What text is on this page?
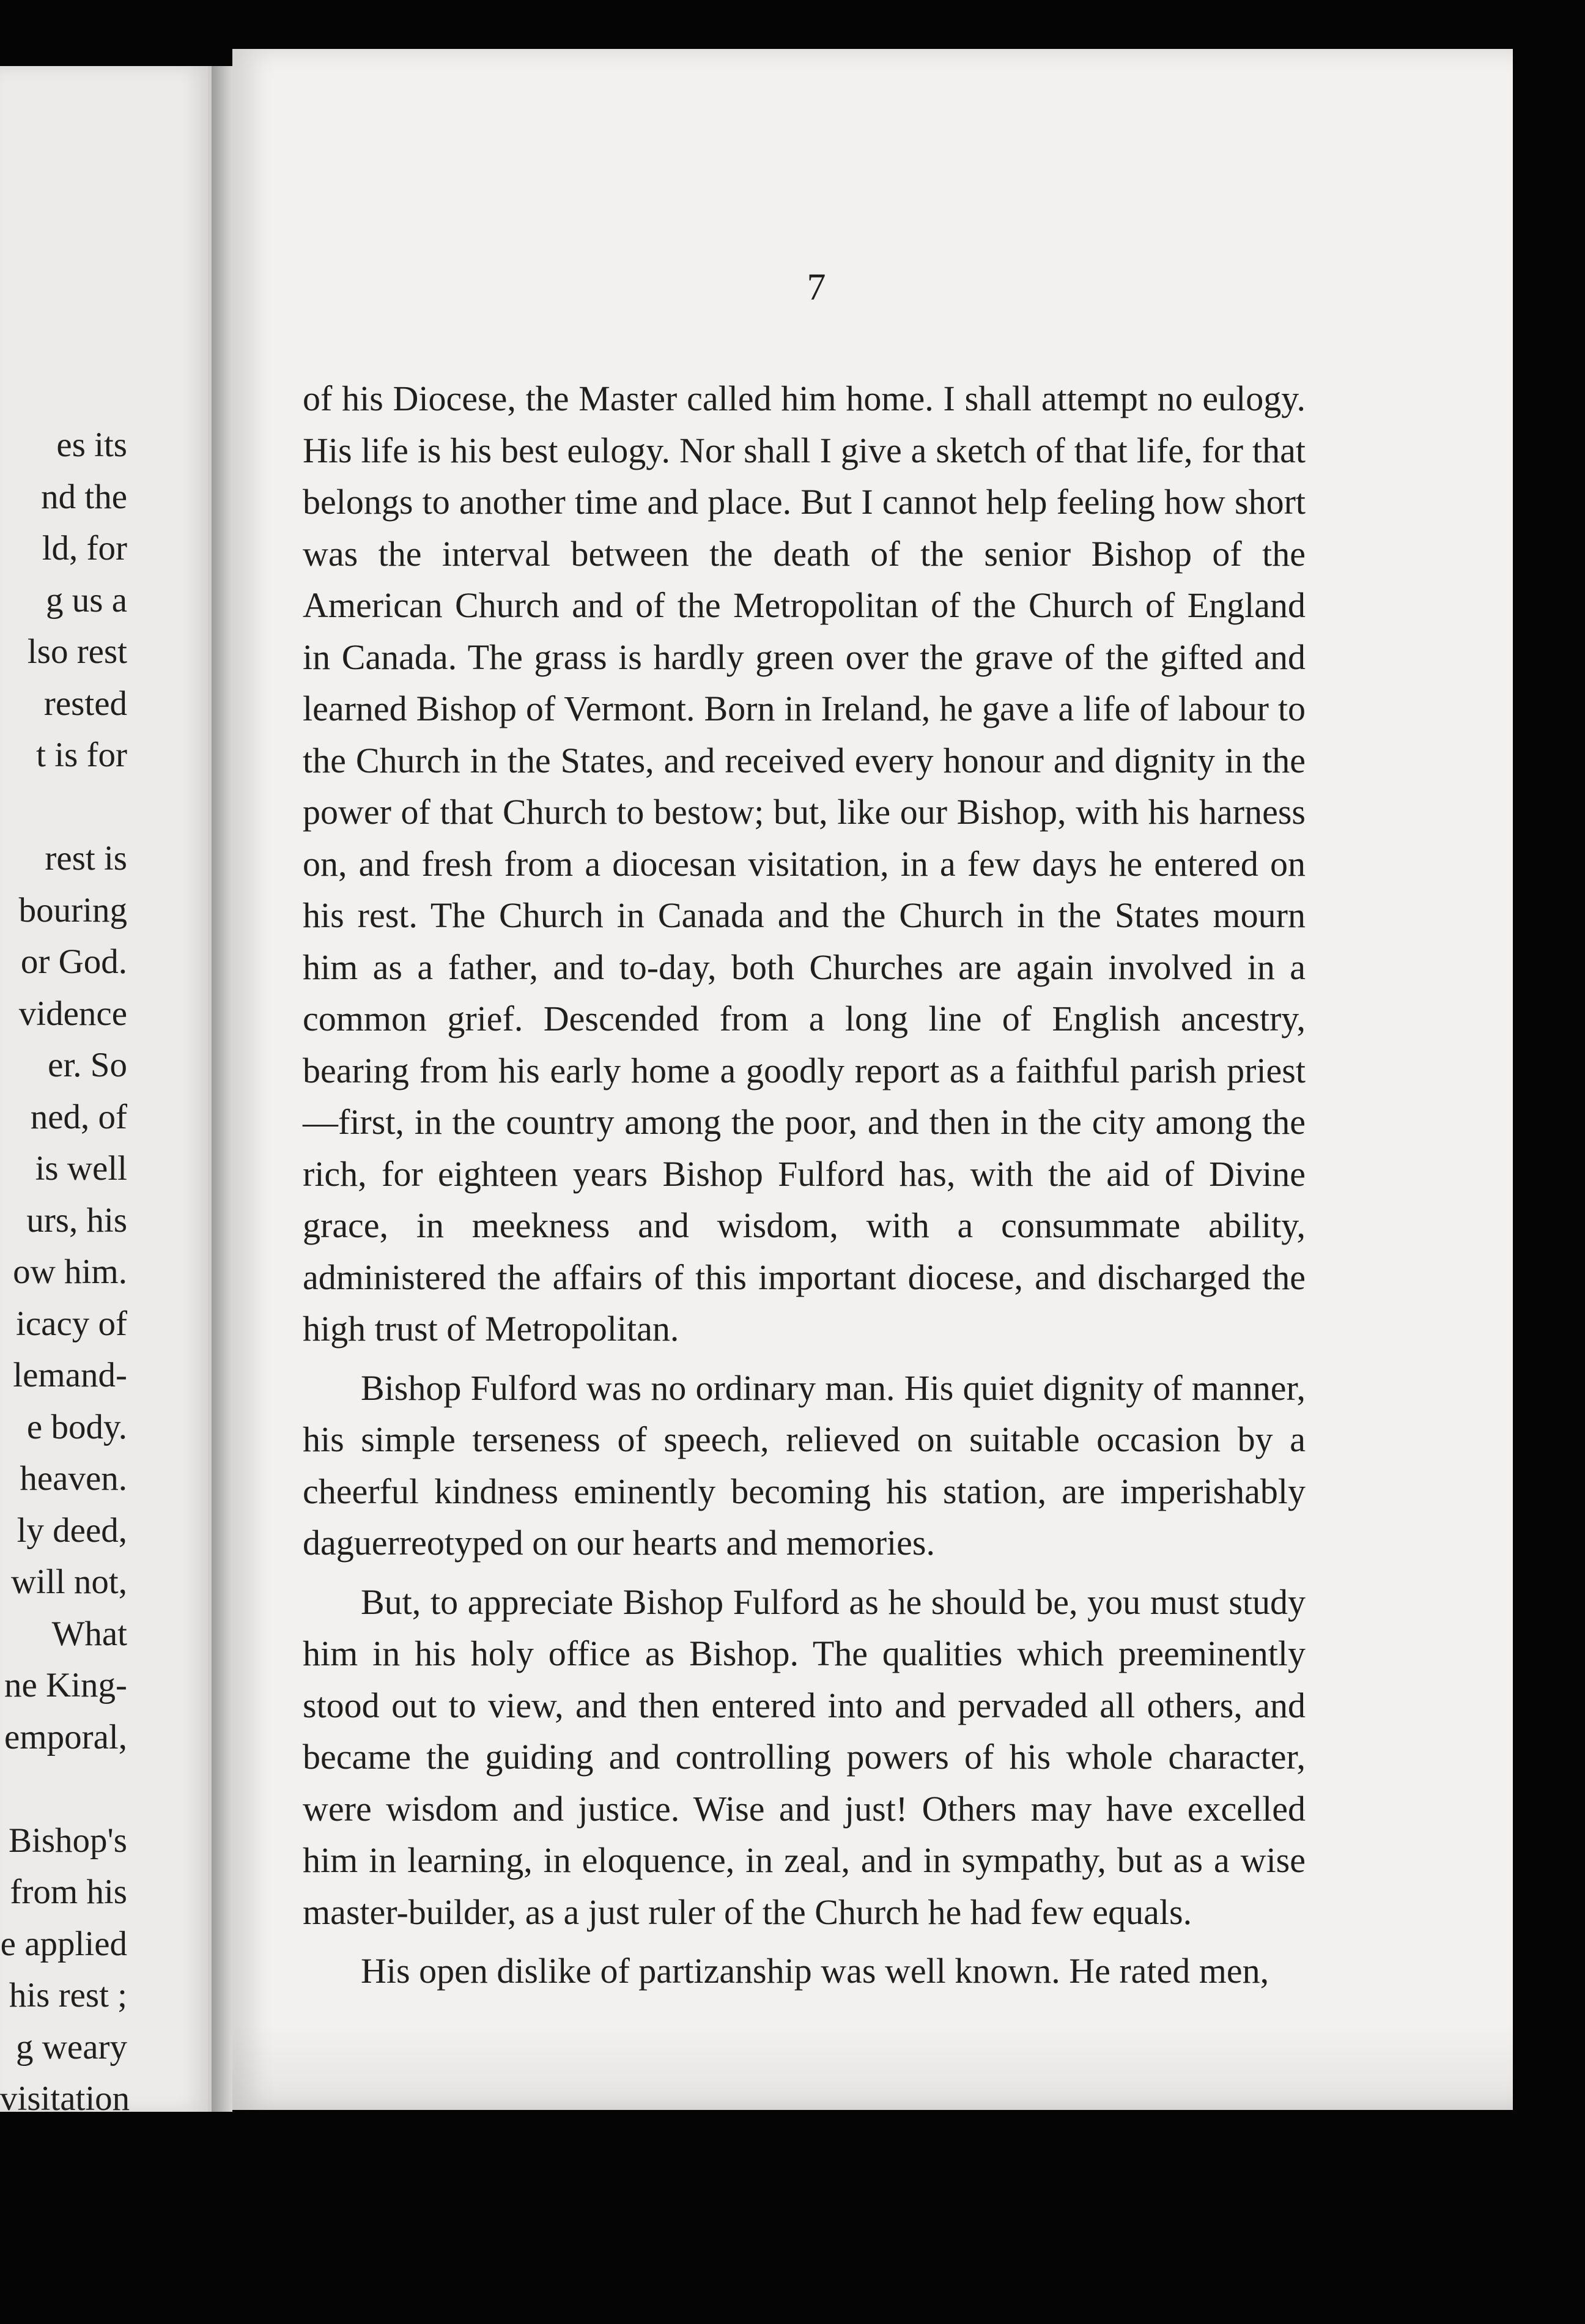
es its
nd the
ld, for
g us a
lso rest
rested
t is for
rest is
bouring
or God.
vidence
er. So
ned, of
is well
urs, his
ow him.
icacy of
lemand-
e body.
heaven.
ly deed,
will not,
What
ne King-
emporal,
Bishop's
from his
e applied
his rest ;
g weary
visitation
7

of his Diocese, the Master called him home. I shall attempt no eulogy. His life is his best eulogy. Nor shall I give a sketch of that life, for that belongs to another time and place. But I cannot help feeling how short was the interval between the death of the senior Bishop of the American Church and of the Metropolitan of the Church of England in Canada. The grass is hardly green over the grave of the gifted and learned Bishop of Vermont. Born in Ireland, he gave a life of labour to the Church in the States, and received every honour and dignity in the power of that Church to bestow; but, like our Bishop, with his harness on, and fresh from a diocesan visitation, in a few days he entered on his rest. The Church in Canada and the Church in the States mourn him as a father, and to-day, both Churches are again involved in a common grief. Descended from a long line of English ancestry, bearing from his early home a goodly report as a faithful parish priest—first, in the country among the poor, and then in the city among the rich, for eighteen years Bishop Fulford has, with the aid of Divine grace, in meekness and wisdom, with a consummate ability, administered the affairs of this important diocese, and discharged the high trust of Metropolitan.

Bishop Fulford was no ordinary man. His quiet dignity of manner, his simple terseness of speech, relieved on suitable occasion by a cheerful kindness eminently becoming his station, are imperishably daguerreotyped on our hearts and memories.

But, to appreciate Bishop Fulford as he should be, you must study him in his holy office as Bishop. The qualities which preeminently stood out to view, and then entered into and pervaded all others, and became the guiding and controlling powers of his whole character, were wisdom and justice. Wise and just! Others may have excelled him in learning, in eloquence, in zeal, and in sympathy, but as a wise master-builder, as a just ruler of the Church he had few equals.

His open dislike of partizanship was well known. He rated men,
